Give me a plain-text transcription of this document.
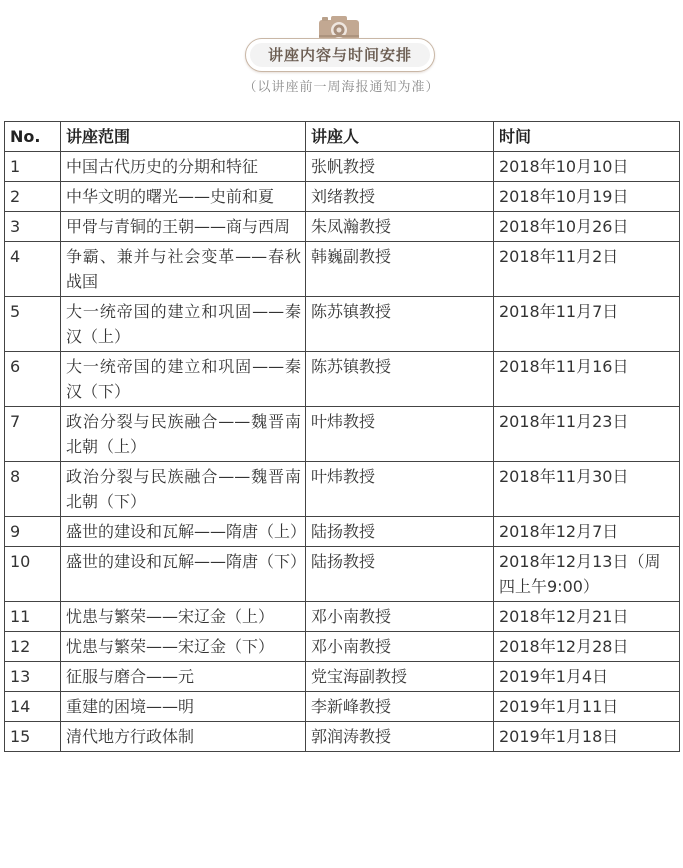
讲座内容与时间安排
（以讲座前一周海报通知为准）
No.	讲座范围	讲座人	时间
1	中国古代历史的分期和特征	张帆教授	2018年10月10日
2	中华文明的曙光——史前和夏	刘绪教授	2018年10月19日
3	甲骨与青铜的王朝——商与西周	朱凤瀚教授	2018年10月26日
4	争霸、兼并与社会变革——春秋战国	韩巍副教授	2018年11月2日
5	大一统帝国的建立和巩固——秦汉（上）	陈苏镇教授	2018年11月7日
6	大一统帝国的建立和巩固——秦汉（下）	陈苏镇教授	2018年11月16日
7	政治分裂与民族融合——魏晋南北朝（上）	叶炜教授	2018年11月23日
8	政治分裂与民族融合——魏晋南北朝（下）	叶炜教授	2018年11月30日
9	盛世的建设和瓦解——隋唐（上）	陆扬教授	2018年12月7日
10	盛世的建设和瓦解——隋唐（下）	陆扬教授	2018年12月13日（周四上午9:00）
11	忧患与繁荣——宋辽金（上）	邓小南教授	2018年12月21日
12	忧患与繁荣——宋辽金（下）	邓小南教授	2018年12月28日
13	征服与磨合——元	党宝海副教授	2019年1月4日
14	重建的困境——明	李新峰教授	2019年1月11日
15	清代地方行政体制	郭润涛教授	2019年1月18日
